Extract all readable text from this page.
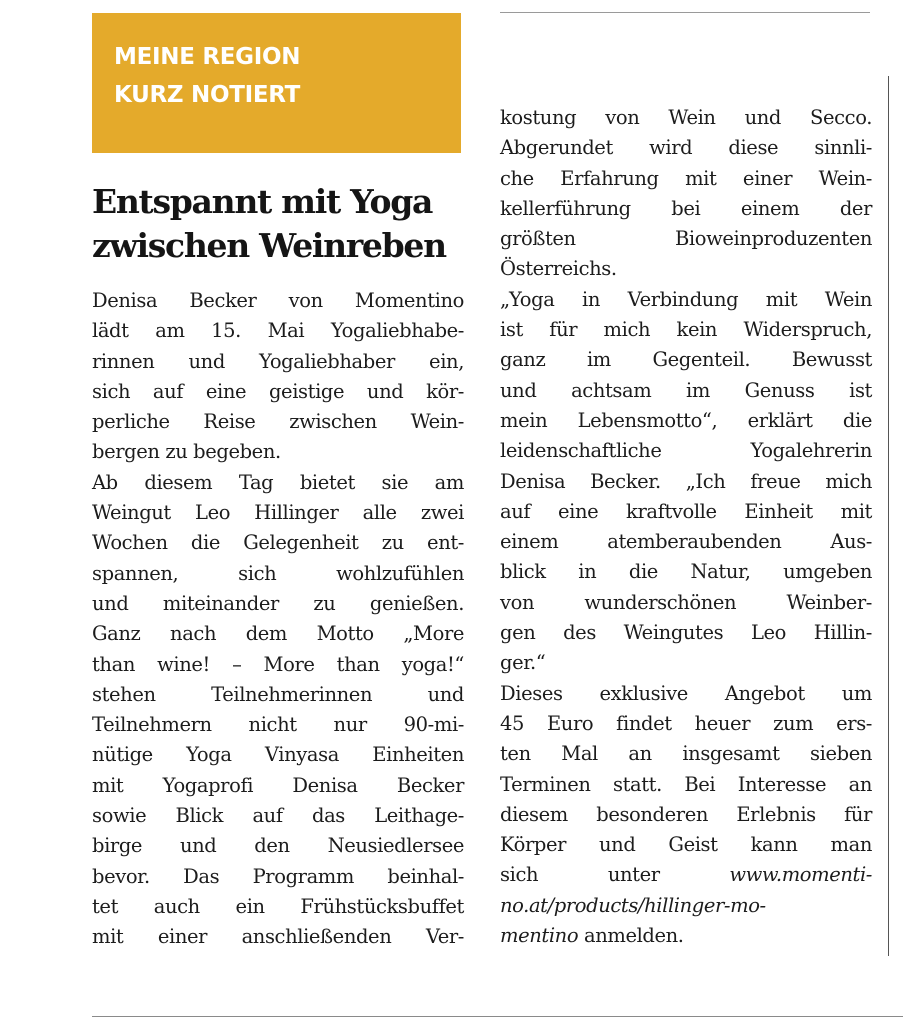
MEINE REGION
KURZ NOTIERT
Entspannt mit Yoga
zwischen Weinreben
Denisa Becker von Momentino
lädt am 15. Mai Yogaliebhabe-
rinnen und Yogaliebhaber ein,
sich auf eine geistige und kör-
perliche Reise zwischen Wein-
bergen zu begeben.
Ab diesem Tag bietet sie am
Weingut Leo Hillinger alle zwei
Wochen die Gelegenheit zu ent-
spannen, sich wohlzufühlen
und miteinander zu genießen.
Ganz nach dem Motto „More
than wine! – More than yoga!“
stehen Teilnehmerinnen und
Teilnehmern nicht nur 90-mi-
nütige Yoga Vinyasa Einheiten
mit Yogaprofi Denisa Becker
sowie Blick auf das Leithage-
birge und den Neusiedlersee
bevor. Das Programm beinhal-
tet auch ein Frühstücksbuffet
mit einer anschließenden Ver-
kostung von Wein und Secco.
Abgerundet wird diese sinnli-
che Erfahrung mit einer Wein-
kellerführung bei einem der
größten Bioweinproduzenten
Österreichs.
„Yoga in Verbindung mit Wein
ist für mich kein Widerspruch,
ganz im Gegenteil. Bewusst
und achtsam im Genuss ist
mein Lebensmotto“, erklärt die
leidenschaftliche Yogalehrerin
Denisa Becker. „Ich freue mich
auf eine kraftvolle Einheit mit
einem atemberaubenden Aus-
blick in die Natur, umgeben
von wunderschönen Weinber-
gen des Weingutes Leo Hillin-
ger.“
Dieses exklusive Angebot um
45 Euro findet heuer zum ers-
ten Mal an insgesamt sieben
Terminen statt. Bei Interesse an
diesem besonderen Erlebnis für
Körper und Geist kann man
sich unter	www.momenti-
no.at/products/hillinger-mo-
mentino anmelden.
